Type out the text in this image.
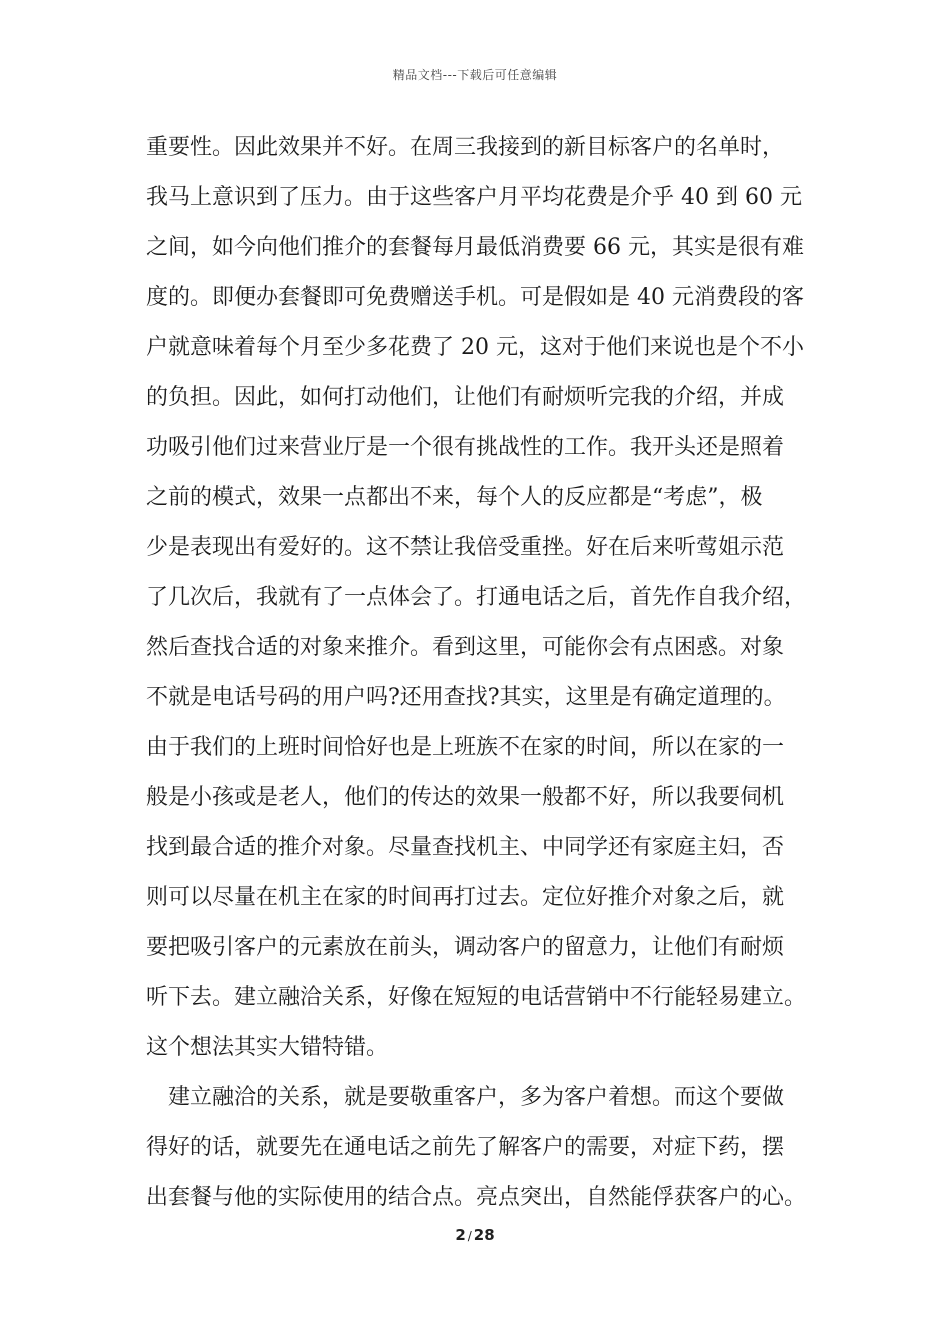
精品文档---下载后可任意编辑
重要性。因此效果并不好。在周三我接到的新目标客户的名单时，
我马上意识到了压力。由于这些客户月平均花费是介乎 40 到 60 元
之间，如今向他们推介的套餐每月最低消费要 66 元，其实是很有难
度的。即便办套餐即可免费赠送手机。可是假如是 40 元消费段的客
户就意味着每个月至少多花费了 20 元，这对于他们来说也是个不小
的负担。因此，如何打动他们，让他们有耐烦听完我的介绍，并成
功吸引他们过来营业厅是一个很有挑战性的工作。我开头还是照着
之前的模式，效果一点都出不来，每个人的反应都是“考虑”，极
少是表现出有爱好的。这不禁让我倍受重挫。好在后来听莺姐示范
了几次后，我就有了一点体会了。打通电话之后，首先作自我介绍，
然后查找合适的对象来推介。看到这里，可能你会有点困惑。对象
不就是电话号码的用户吗?还用查找?其实，这里是有确定道理的。
由于我们的上班时间恰好也是上班族不在家的时间，所以在家的一
般是小孩或是老人，他们的传达的效果一般都不好，所以我要伺机
找到最合适的推介对象。尽量查找机主、中同学还有家庭主妇，否
则可以尽量在机主在家的时间再打过去。定位好推介对象之后，就
要把吸引客户的元素放在前头，调动客户的留意力，让他们有耐烦
听下去。建立融洽关系，好像在短短的电话营销中不行能轻易建立。
这个想法其实大错特错。
建立融洽的关系，就是要敬重客户，多为客户着想。而这个要做
得好的话，就要先在通电话之前先了解客户的需要，对症下药，摆
出套餐与他的实际使用的结合点。亮点突出，自然能俘获客户的心。
2 / 28
